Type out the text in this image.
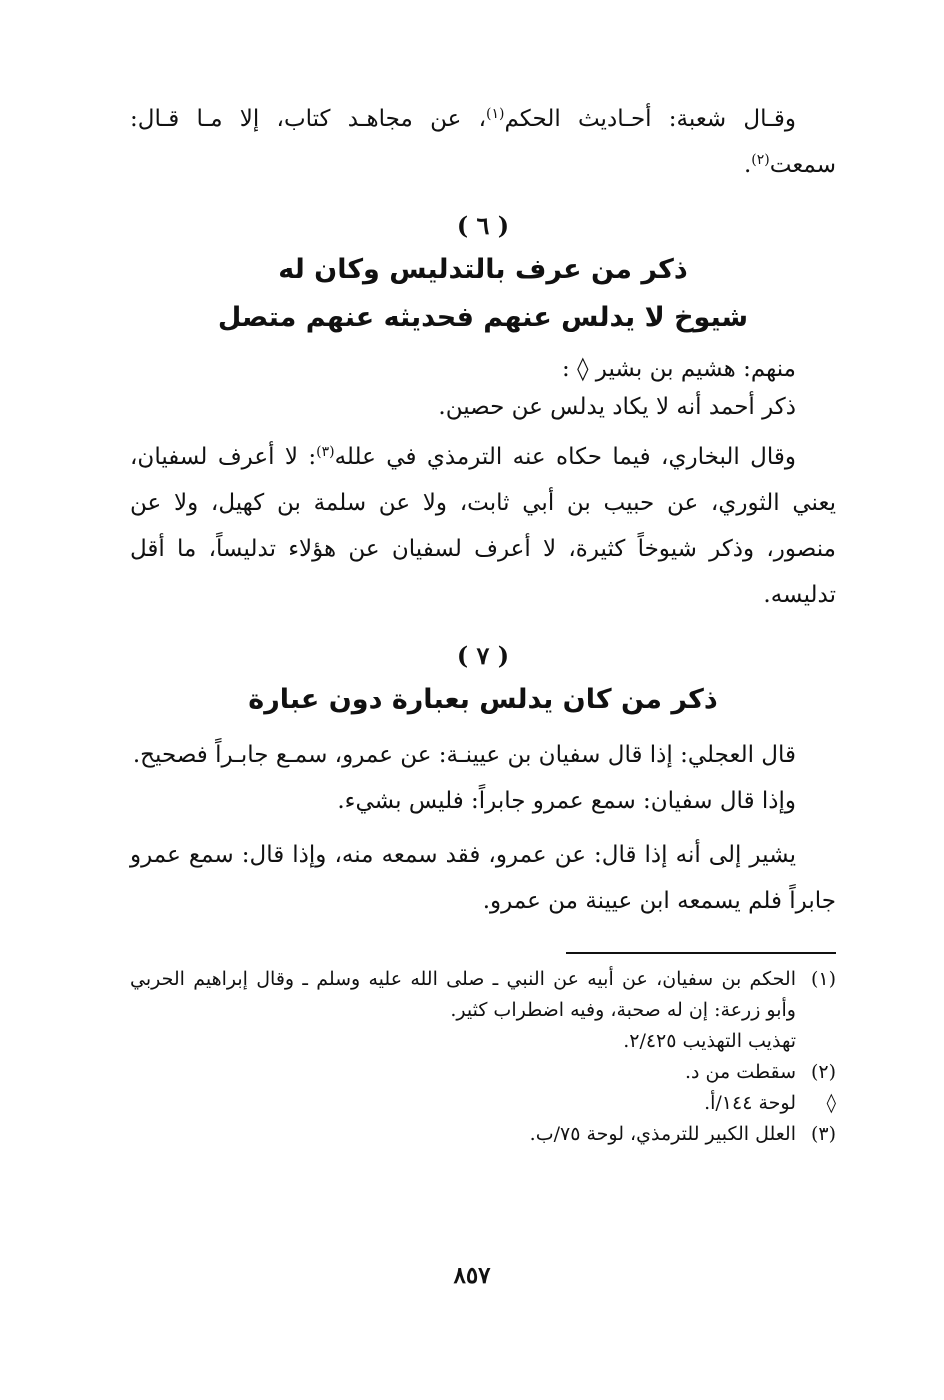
وقـال شعبة: أحـاديث الحكم$^{(١)}$، عن مجاهـد كتاب، إلا مـا قـال: سمعت$^{(٢)}$.

( ٦ )

ذكر من عرف بالتدليس وكان له

شيوخ لا يدلس عنهم فحديثه عنهم متصل

منهم: هشيم بن بشير ◊ :

ذكر أحمد أنه لا يكاد يدلس عن حصين.

وقال البخاري، فيما حكاه عنه الترمذي في علله$^{(٣)}$: لا أعرف لسفيان، يعني الثوري، عن حبيب بن أبي ثابت، ولا عن سلمة بن كهيل، ولا عن منصور، وذكر شيوخاً كثيرة، لا أعرف لسفيان عن هؤلاء تدليساً، ما أقل تدليسه.

( ٧ )

ذكر من كان يدلس بعبارة دون عبارة

قال العجلي: إذا قال سفيان بن عيينـة: عن عمرو، سمـع جابـراً فصحيح.

وإذا قال سفيان: سمع عمرو جابراً: فليس بشيء.

يشير إلى أنه إذا قال: عن عمرو، فقد سمعه منه، وإذا قال: سمع عمرو جابراً فلم يسمعه ابن عيينة من عمرو.

(١)
الحكم بن سفيان، عن أبيه عن النبي ـ صلى الله عليه وسلم ـ وقال إبراهيم الحربي وأبو زرعة: إن له صحبة، وفيه اضطراب كثير.
تهذيب التهذيب ٢/٤٢٥.
(٢)
سقطت من د.
◊
لوحة ١٤٤/أ.
(٣)
العلل الكبير للترمذي، لوحة ٧٥/ب.
٨٥٧
